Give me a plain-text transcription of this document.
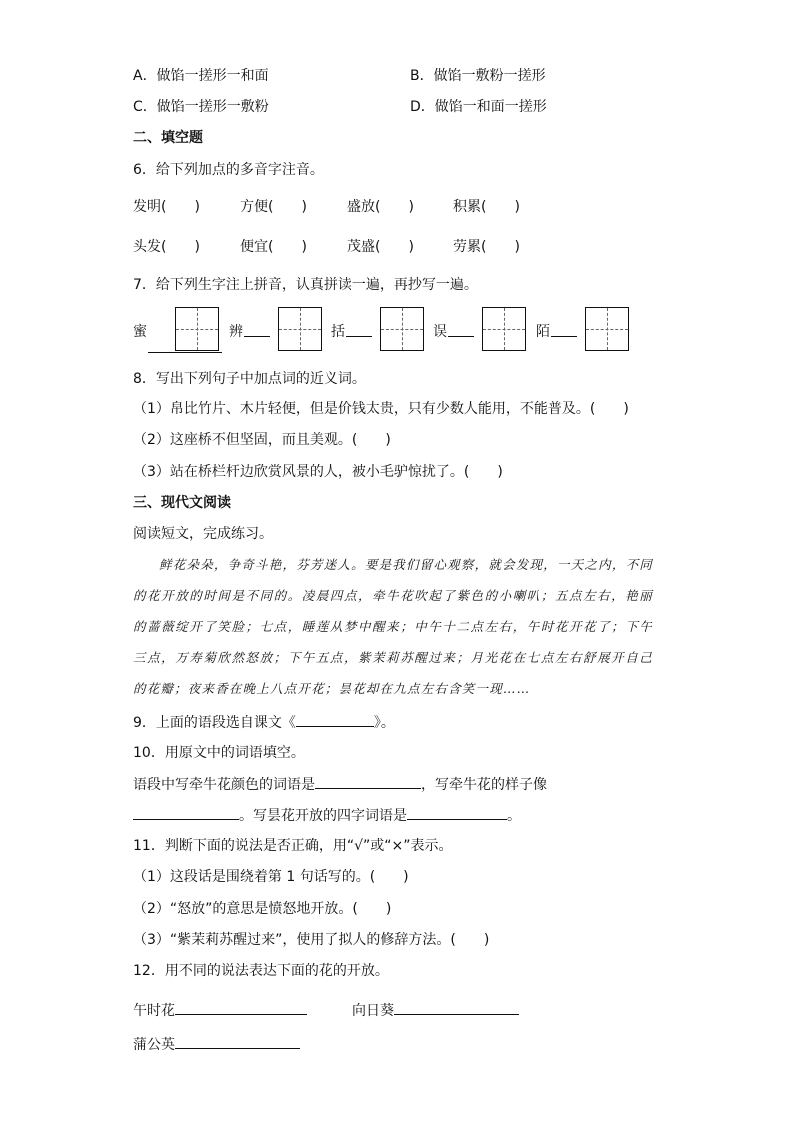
A．做馅一搓形一和面	B．做馅一敷粉一搓形
C．做馅一搓形一敷粉	D．做馅一和面一搓形
二、填空题
6．给下列加点的多音字注音。
发明(　　)	方便(　　)	盛放(　　)	积累(　　)
头发(　　)	便宜(　　)	茂盛(　　)	劳累(　　)
7．给下列生字注上拼音，认真拼读一遍，再抄写一遍。
蜜	辨	括	误	陌
8．写出下列句子中加点词的近义词。
（1）帛比竹片、木片轻便，但是价钱太贵，只有少数人能用，不能普及。(　　)
（2）这座桥不但坚固，而且美观。(　　)
（3）站在桥栏杆边欣赏风景的人，被小毛驴惊扰了。(　　)
三、现代文阅读
阅读短文，完成练习。
鲜花朵朵，争奇斗艳，芬芳迷人。要是我们留心观察，就会发现，一天之内，不同的花开放的时间是不同的。凌晨四点，牵牛花吹起了紫色的小喇叭；五点左右，艳丽的蔷薇绽开了笑脸；七点，睡莲从梦中醒来；中午十二点左右，午时花开花了；下午三点，万寿菊欣然怒放；下午五点，紫茉莉苏醒过来；月光花在七点左右舒展开自己的花瓣；夜来香在晚上八点开花；昙花却在九点左右含笑一现……
9．上面的语段选自课文《	》。
10．用原文中的词语填空。
语段中写牵牛花颜色的词语是	，写牵牛花的样子像
。写昙花开放的四字词语是	。
11．判断下面的说法是否正确，用“√”或“×”表示。
（1）这段话是围绕着第 1 句话写的。(　　)
（2）“怒放”的意思是愤怒地开放。(　　)
（3）“紫茉莉苏醒过来”，使用了拟人的修辞方法。(　　)
12．用不同的说法表达下面的花的开放。
午时花	向日葵
蒲公英
